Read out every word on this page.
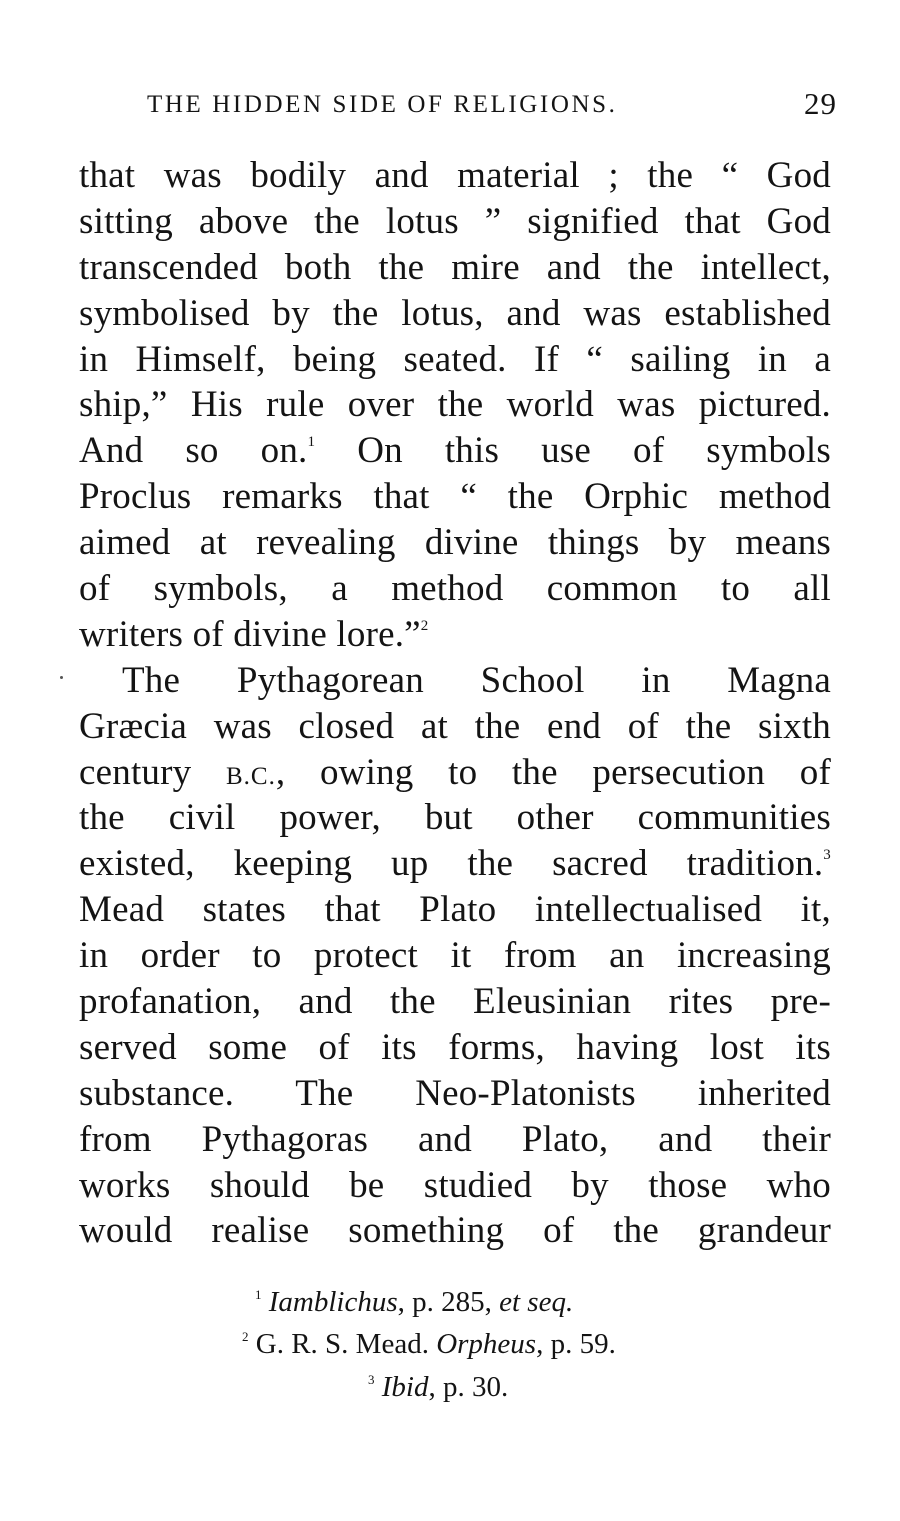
THE HIDDEN SIDE OF RELIGIONS.	29
that was bodily and material ; the “ God
sitting above the lotus ” signified that God
transcended both the mire and the intellect,
symbolised by the lotus, and was established
in Himself, being seated. If “ sailing in a
ship,” His rule over the world was pictured.
And so on.$^1$ On this use of symbols
Proclus remarks that “ the Orphic method
aimed at revealing divine things by means
of symbols, a method common to all
writers of divine lore.”$^2$
The Pythagorean School in Magna
Græcia was closed at the end of the sixth
century B.C., owing to the persecution of
the civil power, but other communities
existed, keeping up the sacred tradition.$^3$
Mead states that Plato intellectualised it,
in order to protect it from an increasing
profanation, and the Eleusinian rites pre-
served some of its forms, having lost its
substance. The Neo-Platonists inherited
from Pythagoras and Plato, and their
works should be studied by those who
would realise something of the grandeur
$^1$ Iamblichus, p. 285, et seq.
$^2$ G. R. S. Mead. Orpheus, p. 59.
$^3$ Ibid, p. 30.
